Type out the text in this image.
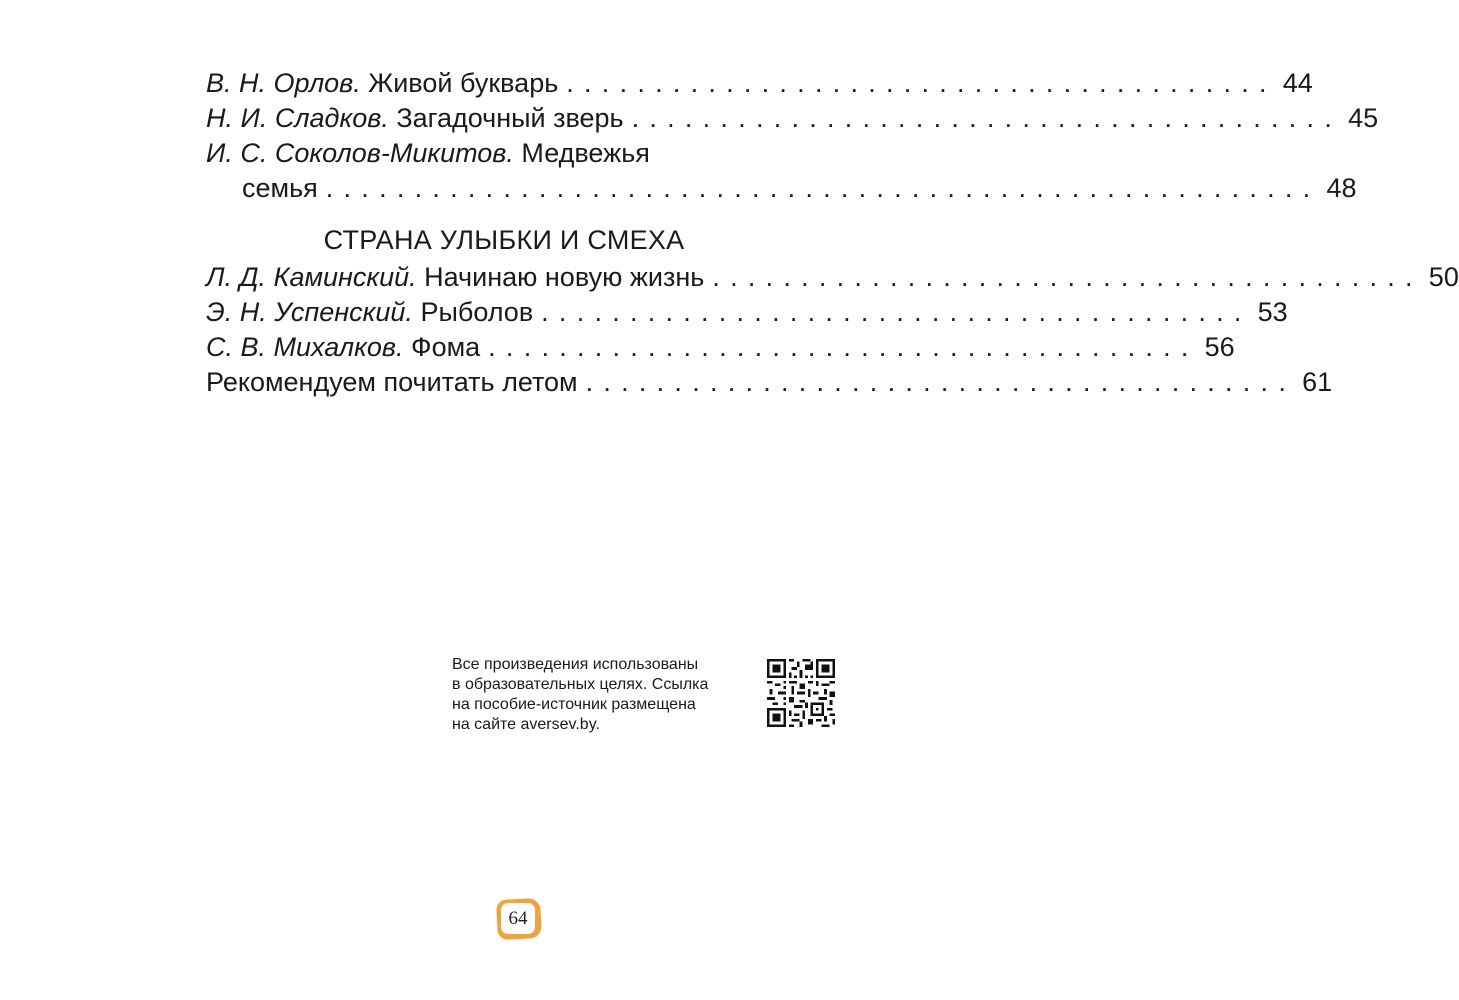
В. Н. Орлов. Живой букварь ........................................ 44
Н. И. Сладков. Загадочный зверь ........................................ 45
И. С. Соколов-Микитов. Медвежья
семья ........................................................ 48
СТРАНА УЛЫБКИ И СМЕХА
Л. Д. Каминский. Начинаю новую жизнь ........................................ 50
Э. Н. Успенский. Рыболов ........................................ 53
С. В. Михалков. Фома ........................................ 56
Рекомендуем почитать летом ........................................ 61
Все произведения использованы
в образовательных целях. Ссылка
на пособие-источник размещена
на сайте aversev.by.
64
